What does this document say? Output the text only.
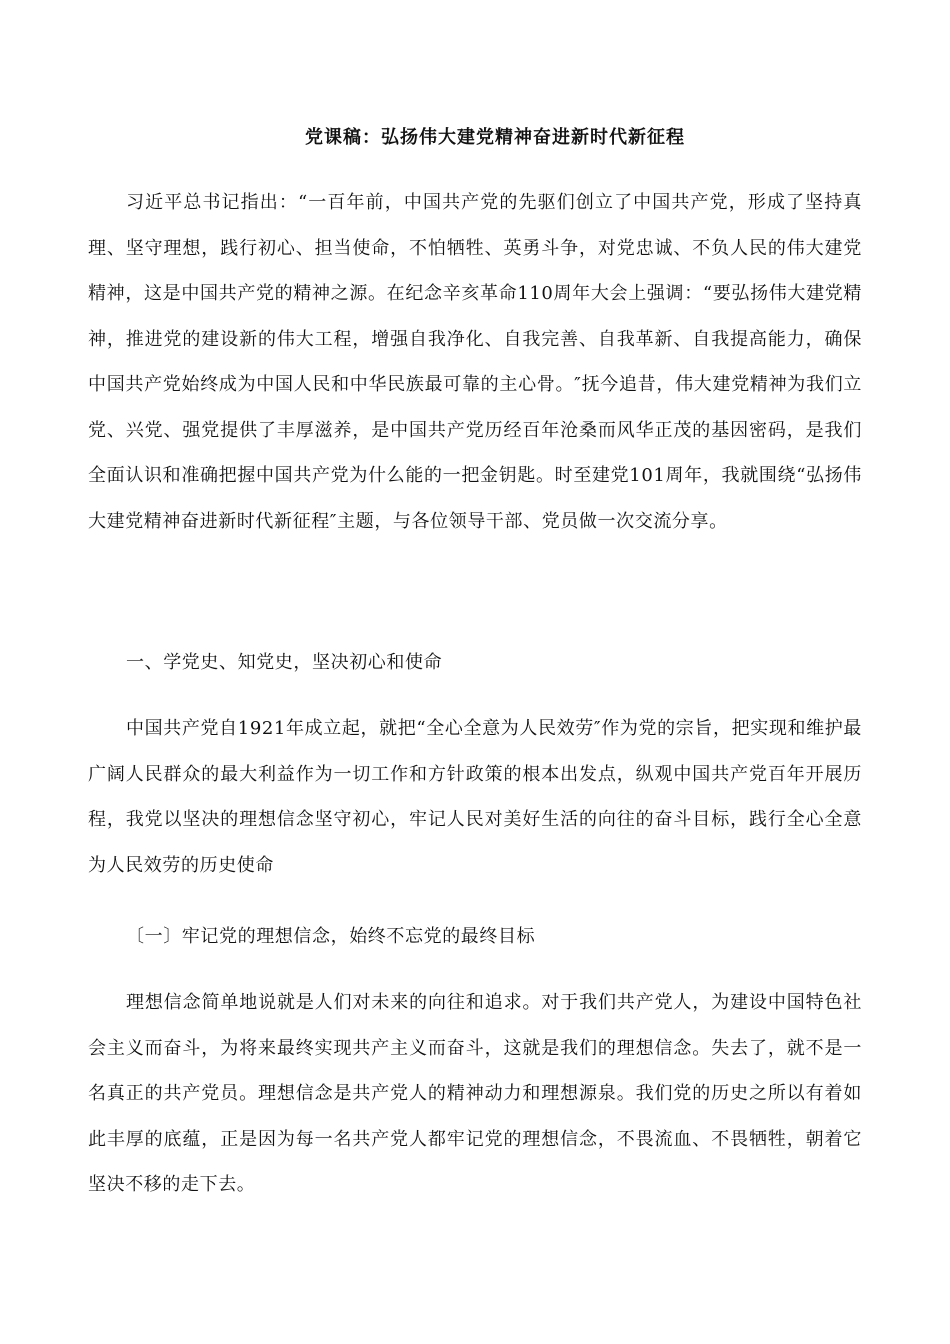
党课稿：弘扬伟大建党精神奋进新时代新征程

习近平总书记指出：“一百年前，中国共产党的先驱们创立了中国共产党，形成了坚持真理、坚守理想，践行初心、担当使命，不怕牺牲、英勇斗争，对党忠诚、不负人民的伟大建党精神，这是中国共产党的精神之源。在纪念辛亥革命110周年大会上强调：“要弘扬伟大建党精神，推进党的建设新的伟大工程，增强自我净化、自我完善、自我革新、自我提高能力，确保中国共产党始终成为中国人民和中华民族最可靠的主心骨。″抚今追昔，伟大建党精神为我们立党、兴党、强党提供了丰厚滋养，是中国共产党历经百年沧桑而风华正茂的基因密码，是我们全面认识和准确把握中国共产党为什么能的一把金钥匙。时至建党101周年，我就围绕“弘扬伟大建党精神奋进新时代新征程″主题，与各位领导干部、党员做一次交流分享。

一、学党史、知党史，坚决初心和使命

中国共产党自1921年成立起，就把“全心全意为人民效劳″作为党的宗旨，把实现和维护最广阔人民群众的最大利益作为一切工作和方针政策的根本出发点，纵观中国共产党百年开展历程，我党以坚决的理想信念坚守初心，牢记人民对美好生活的向往的奋斗目标，践行全心全意为人民效劳的历史使命

〔一〕牢记党的理想信念，始终不忘党的最终目标

理想信念简单地说就是人们对未来的向往和追求。对于我们共产党人，为建设中国特色社会主义而奋斗，为将来最终实现共产主义而奋斗，这就是我们的理想信念。失去了，就不是一名真正的共产党员。理想信念是共产党人的精神动力和理想源泉。我们党的历史之所以有着如此丰厚的底蕴，正是因为每一名共产党人都牢记党的理想信念，不畏流血、不畏牺牲，朝着它坚决不移的走下去。
